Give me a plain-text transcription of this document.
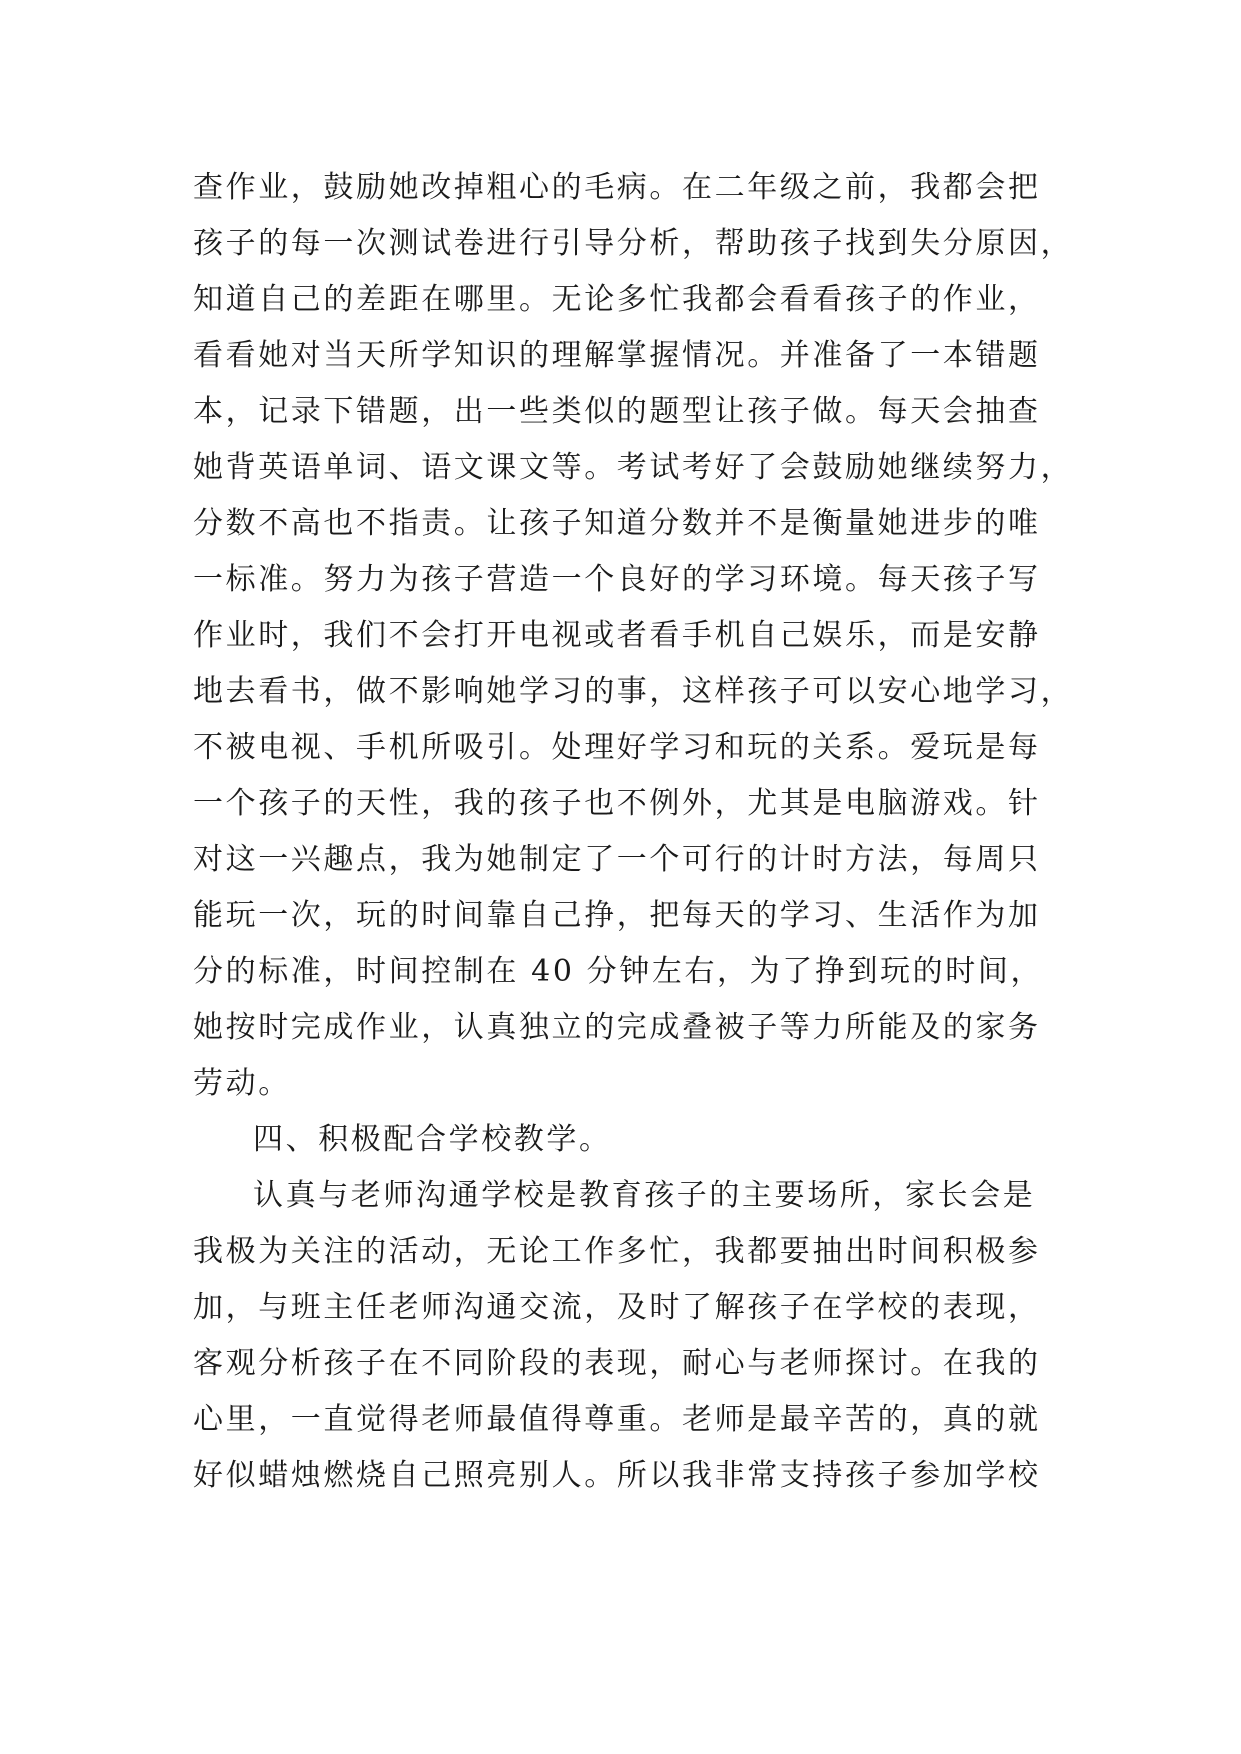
查作业，鼓励她改掉粗心的毛病。在二年级之前，我都会把
孩子的每一次测试卷进行引导分析，帮助孩子找到失分原因，
知道自己的差距在哪里。无论多忙我都会看看孩子的作业，
看看她对当天所学知识的理解掌握情况。并准备了一本错题
本，记录下错题，出一些类似的题型让孩子做。每天会抽查
她背英语单词、语文课文等。考试考好了会鼓励她继续努力，
分数不高也不指责。让孩子知道分数并不是衡量她进步的唯
一标准。努力为孩子营造一个良好的学习环境。每天孩子写
作业时，我们不会打开电视或者看手机自己娱乐，而是安静
地去看书，做不影响她学习的事，这样孩子可以安心地学习，
不被电视、手机所吸引。处理好学习和玩的关系。爱玩是每
一个孩子的天性，我的孩子也不例外，尤其是电脑游戏。针
对这一兴趣点，我为她制定了一个可行的计时方法，每周只
能玩一次，玩的时间靠自己挣，把每天的学习、生活作为加
分的标准，时间控制在 40 分钟左右，为了挣到玩的时间，
她按时完成作业，认真独立的完成叠被子等力所能及的家务
劳动。
四、积极配合学校教学。
认真与老师沟通学校是教育孩子的主要场所，家长会是
我极为关注的活动，无论工作多忙，我都要抽出时间积极参
加，与班主任老师沟通交流，及时了解孩子在学校的表现，
客观分析孩子在不同阶段的表现，耐心与老师探讨。在我的
心里，一直觉得老师最值得尊重。老师是最辛苦的，真的就
好似蜡烛燃烧自己照亮别人。所以我非常支持孩子参加学校
